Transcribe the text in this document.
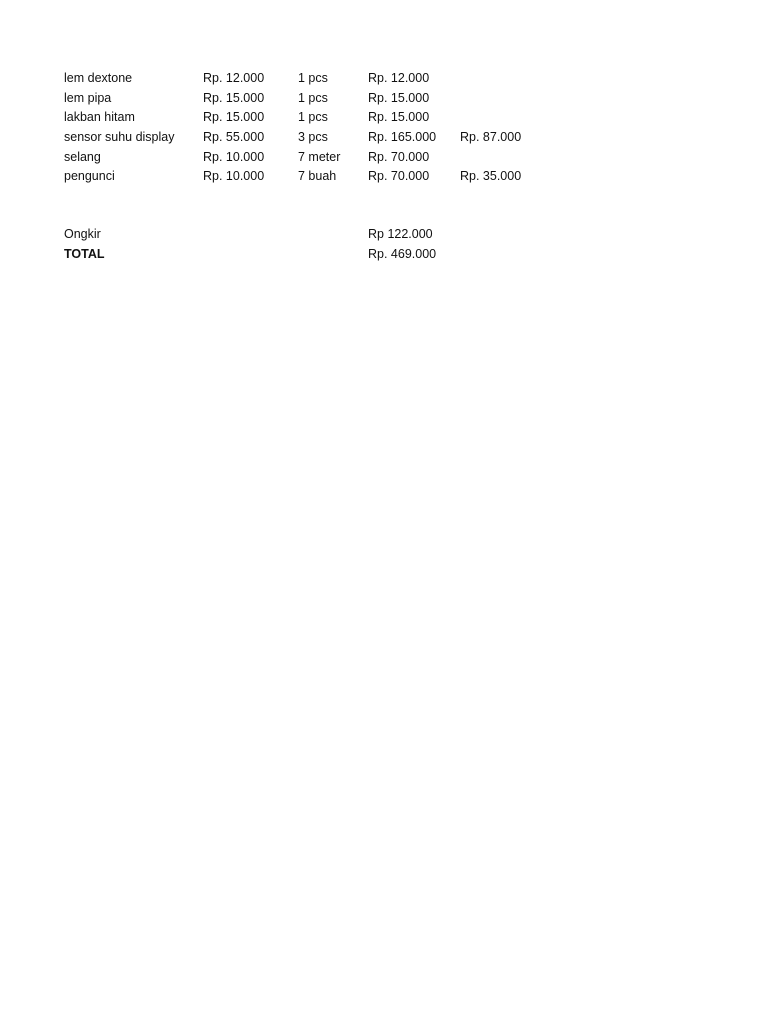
lem dextone	Rp. 12.000	1 pcs	Rp. 12.000
lem pipa	Rp. 15.000	1 pcs	Rp. 15.000
lakban hitam	Rp. 15.000	1 pcs	Rp. 15.000
sensor suhu display Rp. 55.000	3 pcs	Rp. 165.000 Rp. 87.000
selang	Rp. 10.000	7 meter Rp. 70.000
pengunci	Rp. 10.000	7 buah	Rp. 70.000 Rp. 35.000
Ongkir	Rp 122.000
TOTAL	Rp. 469.000
